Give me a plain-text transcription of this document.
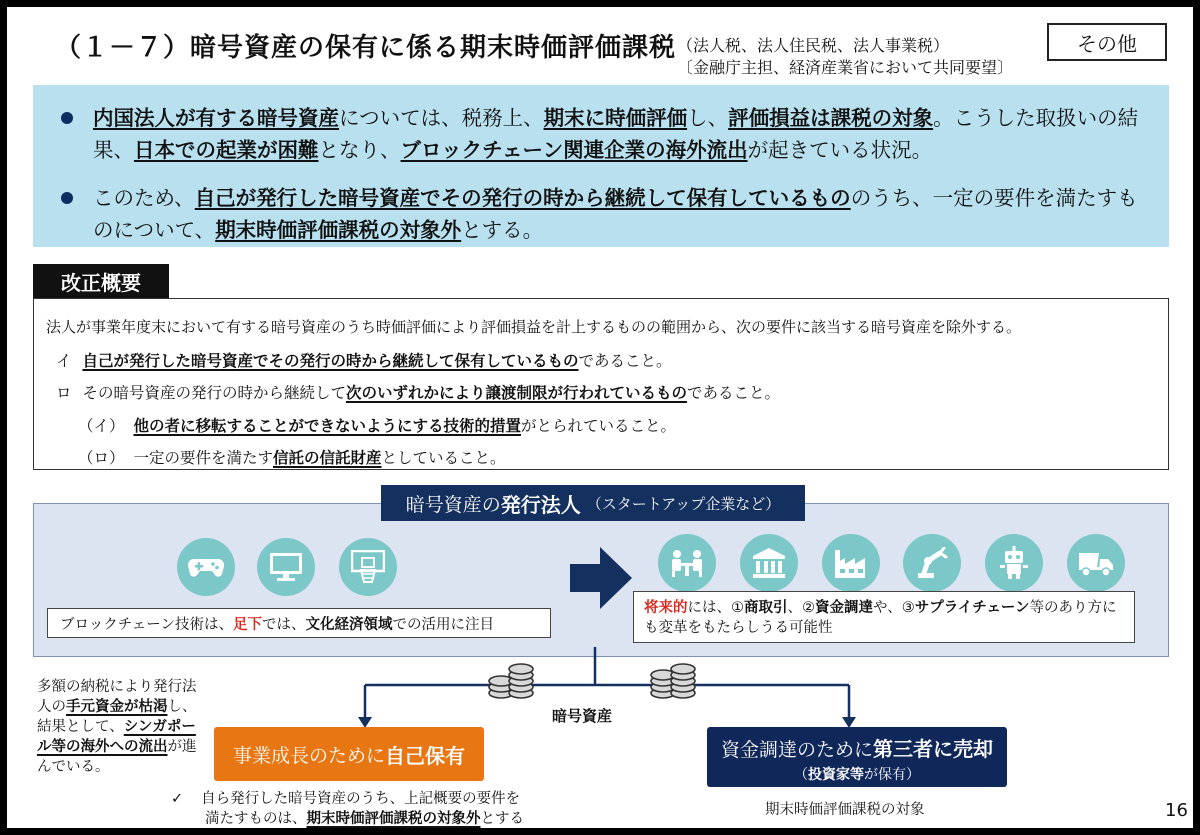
（１－７）暗号資産の保有に係る期末時価評価課税 （法人税、法人住民税、法人事業税）
〔金融庁主担、経済産業省において共同要望〕
その他
内国法人が有する暗号資産については、税務上、期末に時価評価し、評価損益は課税の対象。こうした取扱いの結果、日本での起業が困難となり、ブロックチェーン関連企業の海外流出が起きている状況。
このため、自己が発行した暗号資産でその発行の時から継続して保有しているもののうち、一定の要件を満たすものについて、期末時価評価課税の対象外とする。
改正概要
法人が事業年度末において有する暗号資産のうち時価評価により評価損益を計上するものの範囲から、次の要件に該当する暗号資産を除外する。
イ 自己が発行した暗号資産でその発行の時から継続して保有しているものであること。
ロ その暗号資産の発行の時から継続して次のいずれかにより譲渡制限が行われているものであること。
（イ） 他の者に移転することができないようにする技術的措置がとられていること。
（ロ） 一定の要件を満たす信託の信託財産としていること。
暗号資産の 発行法人 （スタートアップ企業など）
ブロックチェーン技術は、 足下 では、 文化経済領域 での活用に注目
将来的には、①商取引、②資金調達や、③サプライチェーン等のあり方にも変革をもたらしうる可能性
暗号資産
多額の納税により発行法人の手元資金が枯渇し、結果として、シンガポール等の海外への流出が進んでいる。
事業成長のために 自己保有	資金調達のために第三者に売却
（投資家等が保有）
✓ 自ら発行した暗号資産のうち、上記概要の要件を
満たすものは、期末時価評価課税の対象外とする
期末時価評価課税の対象	16
